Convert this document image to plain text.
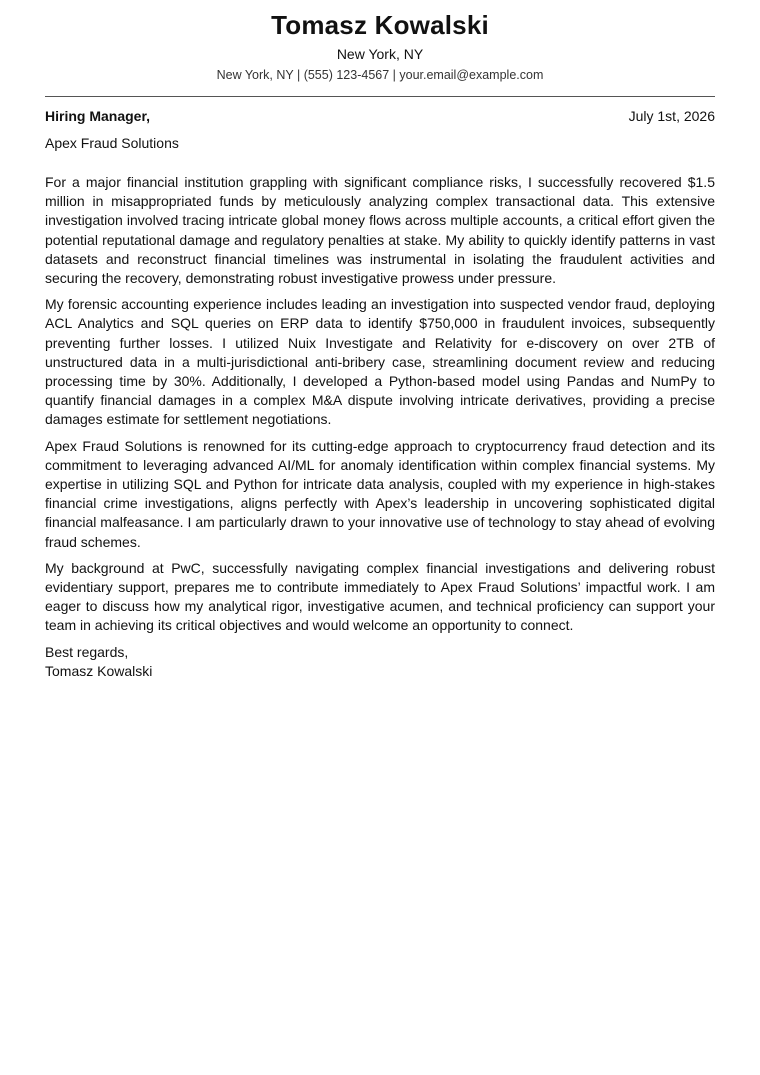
Tomasz Kowalski
New York, NY
New York, NY | (555) 123-4567 | your.email@example.com
Hiring Manager,	July 1st, 2026
Apex Fraud Solutions

For a major financial institution grappling with significant compliance risks, I successfully recovered $1.5 million in misappropriated funds by meticulously analyzing complex transactional data. This extensive investigation involved tracing intricate global money flows across multiple accounts, a critical effort given the potential reputational damage and regulatory penalties at stake. My ability to quickly identify patterns in vast datasets and reconstruct financial timelines was instrumental in isolating the fraudulent activities and securing the recovery, demonstrating robust investigative prowess under pressure.

My forensic accounting experience includes leading an investigation into suspected vendor fraud, deploying ACL Analytics and SQL queries on ERP data to identify $750,000 in fraudulent invoices, subsequently preventing further losses. I utilized Nuix Investigate and Relativity for e-discovery on over 2TB of unstructured data in a multi-jurisdictional anti-bribery case, streamlining document review and reducing processing time by 30%. Additionally, I developed a Python-based model using Pandas and NumPy to quantify financial damages in a complex M&A dispute involving intricate derivatives, providing a precise damages estimate for settlement negotiations.

Apex Fraud Solutions is renowned for its cutting-edge approach to cryptocurrency fraud detection and its commitment to leveraging advanced AI/ML for anomaly identification within complex financial systems. My expertise in utilizing SQL and Python for intricate data analysis, coupled with my experience in high-stakes financial crime investigations, aligns perfectly with Apex’s leadership in uncovering sophisticated digital financial malfeasance. I am particularly drawn to your innovative use of technology to stay ahead of evolving fraud schemes.

My background at PwC, successfully navigating complex financial investigations and delivering robust evidentiary support, prepares me to contribute immediately to Apex Fraud Solutions’ impactful work. I am eager to discuss how my analytical rigor, investigative acumen, and technical proficiency can support your team in achieving its critical objectives and would welcome an opportunity to connect.

Best regards,
Tomasz Kowalski
